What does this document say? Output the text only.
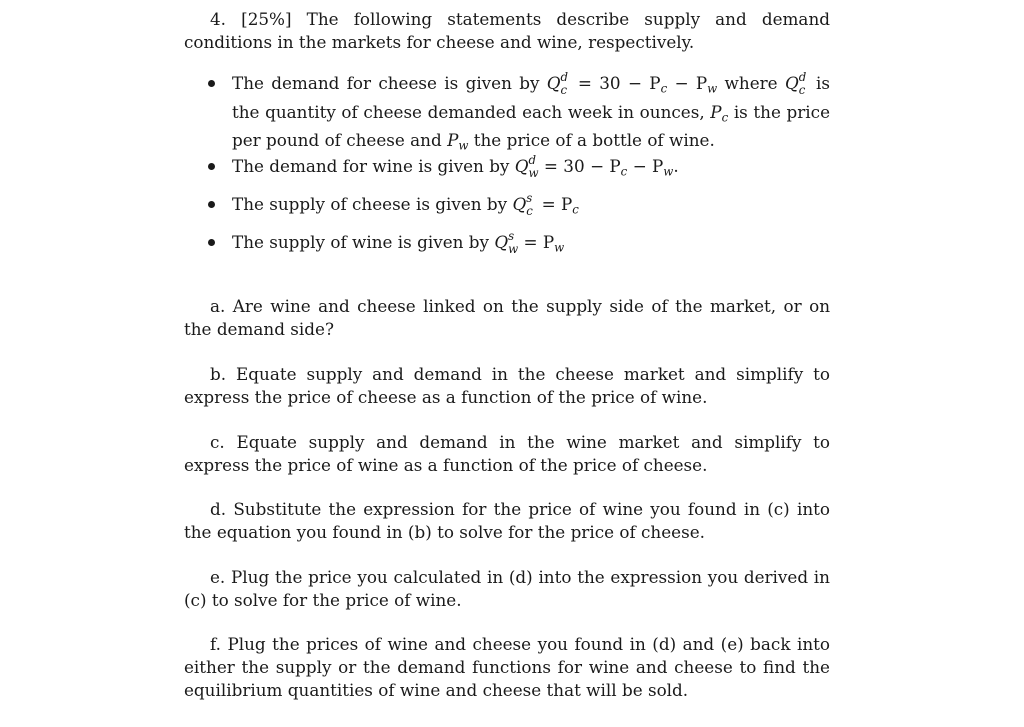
4. [25%] The following statements describe supply and demand conditions in the markets for cheese and wine, respectively.

The demand for cheese is given by Q d
$c = 30 - P_c - P_w$ where Q d
c is the quantity of cheese demanded each week in ounces, $P_c$ is the price per pound of cheese and $P_w$ the price of a bottle of wine.
The demand for wine is given by Q d
$w = 30 - P_c - P_w$.
The supply of cheese is given by Q s
$c = P_c$
The supply of wine is given by Q s
$w = P_w$

a. Are wine and cheese linked on the supply side of the market, or on the demand side?

b. Equate supply and demand in the cheese market and simplify to express the price of cheese as a function of the price of wine.

c. Equate supply and demand in the wine market and simplify to express the price of wine as a function of the price of cheese.

d. Substitute the expression for the price of wine you found in (c) into the equation you found in (b) to solve for the price of cheese.

e. Plug the price you calculated in (d) into the expression you derived in (c) to solve for the price of wine.

f. Plug the prices of wine and cheese you found in (d) and (e) back into either the supply or the demand functions for wine and cheese to find the equilibrium quantities of wine and cheese that will be sold.
